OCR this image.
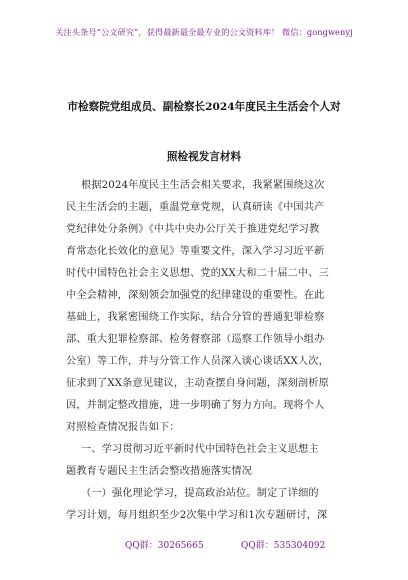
关注头条号“公文研究”，获得最新最全最专业的公文资料库！ 微信：gongwenyj
市检察院党组成员、副检察长2024年度民主生活会个人对
照检视发言材料
根据2024年度民主生活会相关要求，我紧紧围绕这次
民主生活会的主题，重温党章党规，认真研读《中国共产
党纪律处分条例》《中共中央办公厅关于推进党纪学习教
育常态化长效化的意见》等重要文件，深入学习习近平新
时代中国特色社会主义思想、党的XX大和二十届二中、三
中全会精神，深刻领会加强党的纪律建设的重要性。在此
基础上，我紧密围绕工作实际，结合分管的普通犯罪检察
部、重大犯罪检察部、检务督察部（巡察工作领导小组办
公室）等工作，并与分管工作人员深入谈心谈话XX人次，
征求到了XX条意见建议，主动查摆自身问题，深刻剖析原
因，并制定整改措施，进一步明确了努力方向。现将个人
对照检查情况报告如下：
一、学习贯彻习近平新时代中国特色社会主义思想主
题教育专题民主生活会整改措施落实情况
（一）强化理论学习，提高政治站位。制定了详细的
学习计划，每月组织至少2次集中学习和1次专题研讨，深
QQ群：30265665	QQ群：535304092
